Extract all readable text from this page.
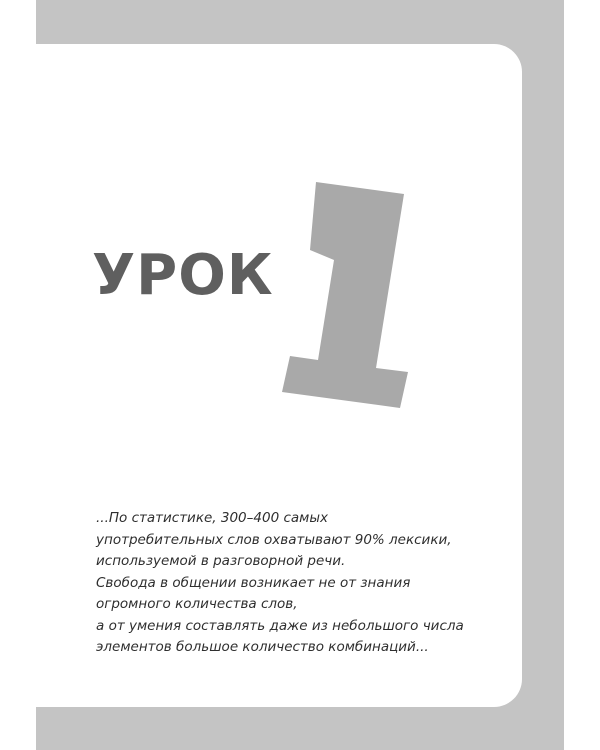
УРОК

...По статистике, 300–400 самых
употребительных слов охватывают 90% лексики,
используемой в разговорной речи.
Свобода в общении возникает не от знания
огромного количества слов,
а от умения составлять даже из небольшого числа
элементов большое количество комбинаций...
